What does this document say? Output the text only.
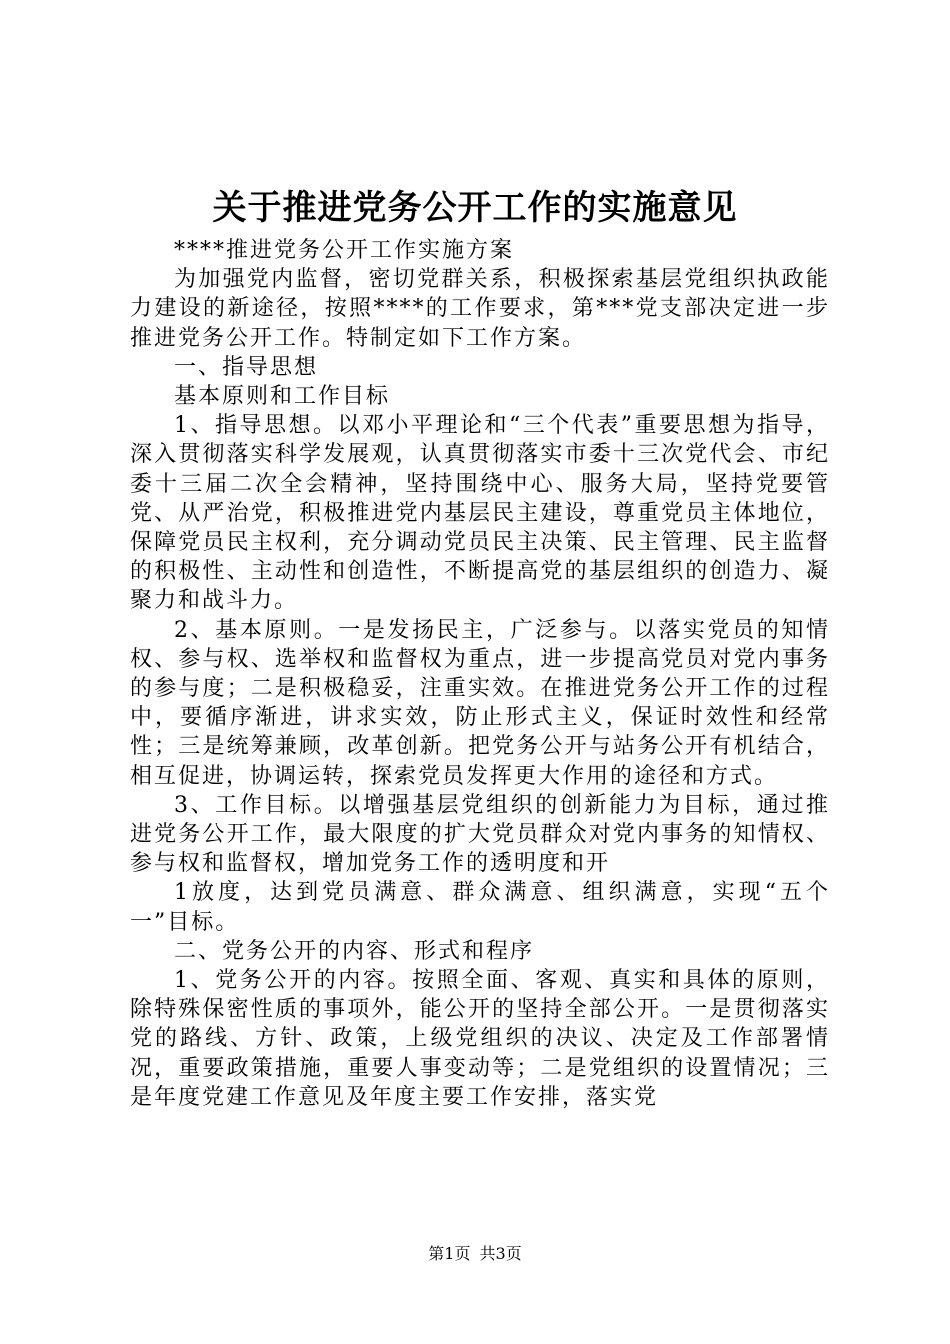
关于推进党务公开工作的实施意见

****推进党务公开工作实施方案

为加强党内监督，密切党群关系，积极探索基层党组织执政能力建设的新途径，按照****的工作要求，第***党支部决定进一步推进党务公开工作。特制定如下工作方案。

一、指导思想

基本原则和工作目标

1、指导思想。以邓小平理论和“三个代表”重要思想为指导，深入贯彻落实科学发展观，认真贯彻落实市委十三次党代会、市纪委十三届二次全会精神，坚持围绕中心、服务大局，坚持党要管党、从严治党，积极推进党内基层民主建设，尊重党员主体地位，保障党员民主权利，充分调动党员民主决策、民主管理、民主监督的积极性、主动性和创造性，不断提高党的基层组织的创造力、凝聚力和战斗力。

2、基本原则。一是发扬民主，广泛参与。以落实党员的知情权、参与权、选举权和监督权为重点，进一步提高党员对党内事务的参与度；二是积极稳妥，注重实效。在推进党务公开工作的过程中，要循序渐进，讲求实效，防止形式主义，保证时效性和经常性；三是统筹兼顾，改革创新。把党务公开与站务公开有机结合，相互促进，协调运转，探索党员发挥更大作用的途径和方式。

3、工作目标。以增强基层党组织的创新能力为目标，通过推进党务公开工作，最大限度的扩大党员群众对党内事务的知情权、参与权和监督权，增加党务工作的透明度和开

1放度，达到党员满意、群众满意、组织满意，实现“五个一”目标。

二、党务公开的内容、形式和程序

1、党务公开的内容。按照全面、客观、真实和具体的原则，除特殊保密性质的事项外，能公开的坚持全部公开。一是贯彻落实党的路线、方针、政策，上级党组织的决议、决定及工作部署情况，重要政策措施，重要人事变动等；二是党组织的设置情况；三是年度党建工作意见及年度主要工作安排，落实党

第1页 共3页
